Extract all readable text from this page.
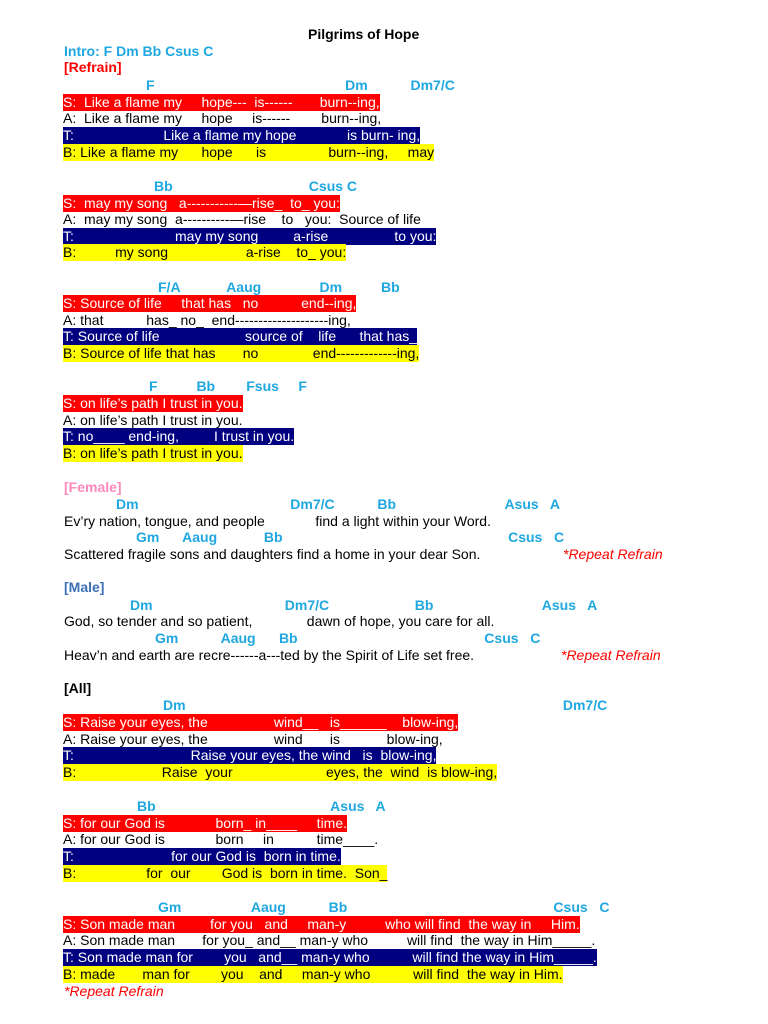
Pilgrims of Hope
Intro: F Dm Bb Csus C
[Refrain]
F                                                 Dm           Dm7/C
S:  Like a flame my     hope---  is------       burn--ing,
A:  Like a flame my     hope     is------        burn--ing,
T:                       Like a flame my hope             is burn- ing,
B: Like a flame my      hope      is                burn--ing,     may
Bb                                   Csus C
S:  may my song   a-----------—rise_  to_ you:
A:  may my song  a----------—rise    to   you:  Source of life
T:                          may my song         a-rise                 to you:
B:          my song                    a-rise    to_ you:
F/A            Aaug               Dm          Bb
S: Source of life     that has   no           end--ing,
A: that           has_ no_  end--------------------ing,
T: Source of life                      source of    life      that has_
B: Source of life that has       no              end-------------ing,
F          Bb        Fsus     F
S: on life’s path I trust in you.
A: on life’s path I trust in you.
T: no____ end-ing,         I trust in you.
B: on life’s path I trust in you.
[Female]
Dm                                       Dm7/C           Bb                            Asus   A
Ev’ry nation, tongue, and people             find a light within your Word.
Gm      Aaug            Bb                                                          Csus   C
Scattered fragile sons and daughters find a home in your dear Son.	*Repeat Refrain
[Male]
Dm                                  Dm7/C                      Bb                            Asus   A
God, so tender and so patient,              dawn of hope, you care for all.
Gm           Aaug      Bb                                                Csus   C
Heav’n and earth are recre------a---ted by the Spirit of Life set free.	*Repeat Refrain
[All]
Dm                                                                                                 Dm7/C
S: Raise your eyes, the                 wind__   is______    blow-ing,
A: Raise your eyes, the                 wind       is            blow-ing,
T:                              Raise your eyes, the wind   is  blow-ing,
B:                      Raise  your                        eyes, the  wind  is blow-ing,
Bb                                             Asus   A
S: for our God is             born_ in____     time.
A: for our God is             born     in           time____.
T:                         for our God is  born in time.
B:                  for  our        God is  born in time.  Son_
Gm                  Aaug           Bb                                                     Csus   C
S: Son made man         for you   and     man-y          who will find  the way in     Him.
A: Son made man       for you_ and__ man-y who          will find  the way in Him_____.
T: Son made man for        you   and__ man-y who           will find the way in Him_____.
B: made       man for        you    and     man-y who           will find  the way in Him.
*Repeat Refrain
